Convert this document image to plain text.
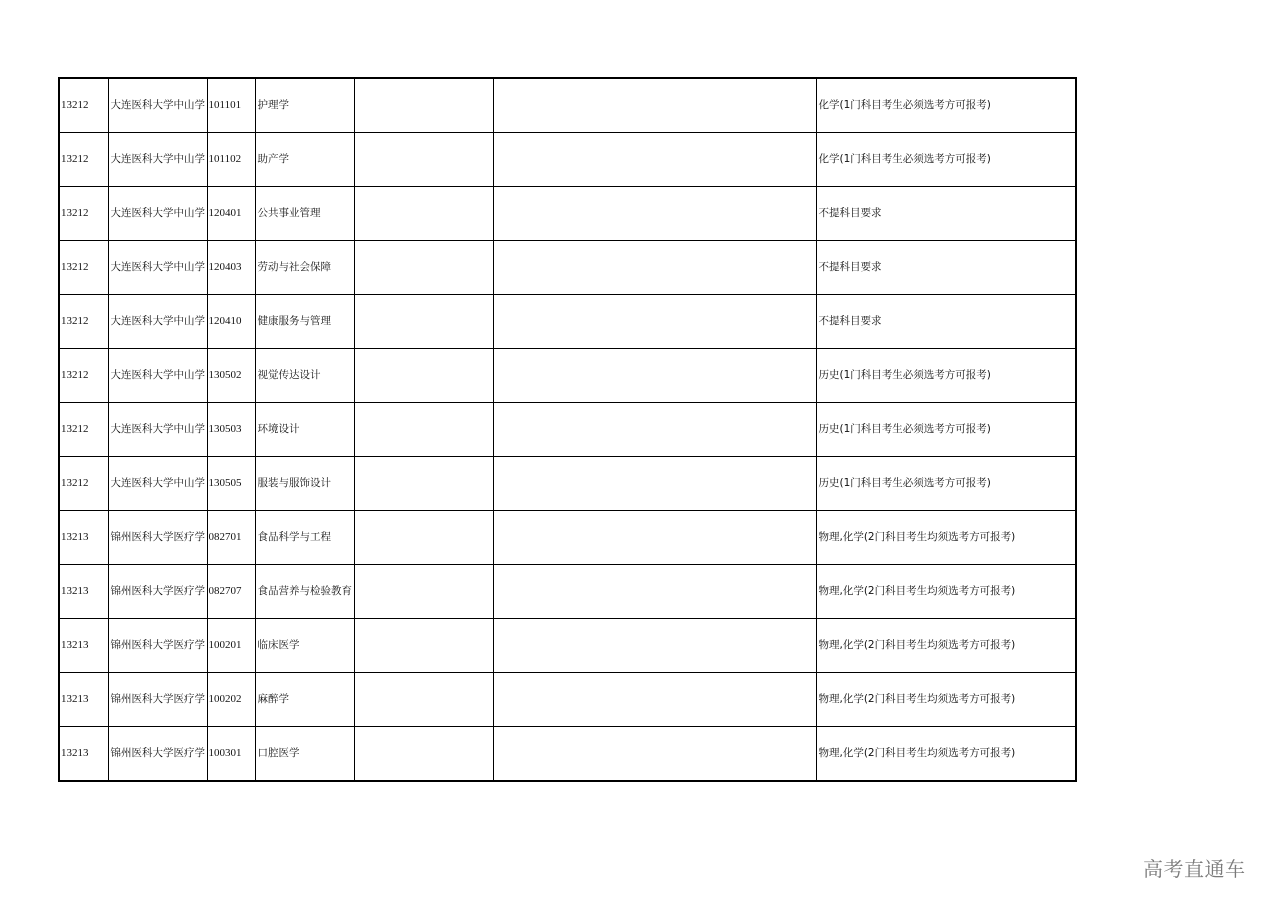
13212	大连医科大学中山学	101101	护理学			化学(1门科目考生必须选考方可报考)
13212	大连医科大学中山学	101102	助产学			化学(1门科目考生必须选考方可报考)
13212	大连医科大学中山学	120401	公共事业管理			不提科目要求
13212	大连医科大学中山学	120403	劳动与社会保障			不提科目要求
13212	大连医科大学中山学	120410	健康服务与管理			不提科目要求
13212	大连医科大学中山学	130502	视觉传达设计			历史(1门科目考生必须选考方可报考)
13212	大连医科大学中山学	130503	环境设计			历史(1门科目考生必须选考方可报考)
13212	大连医科大学中山学	130505	服装与服饰设计			历史(1门科目考生必须选考方可报考)
13213	锦州医科大学医疗学	082701	食品科学与工程			物理,化学(2门科目考生均须选考方可报考)
13213	锦州医科大学医疗学	082707	食品营养与检验教育			物理,化学(2门科目考生均须选考方可报考)
13213	锦州医科大学医疗学	100201	临床医学			物理,化学(2门科目考生均须选考方可报考)
13213	锦州医科大学医疗学	100202	麻醉学			物理,化学(2门科目考生均须选考方可报考)
13213	锦州医科大学医疗学	100301	口腔医学			物理,化学(2门科目考生均须选考方可报考)
高考直通车
